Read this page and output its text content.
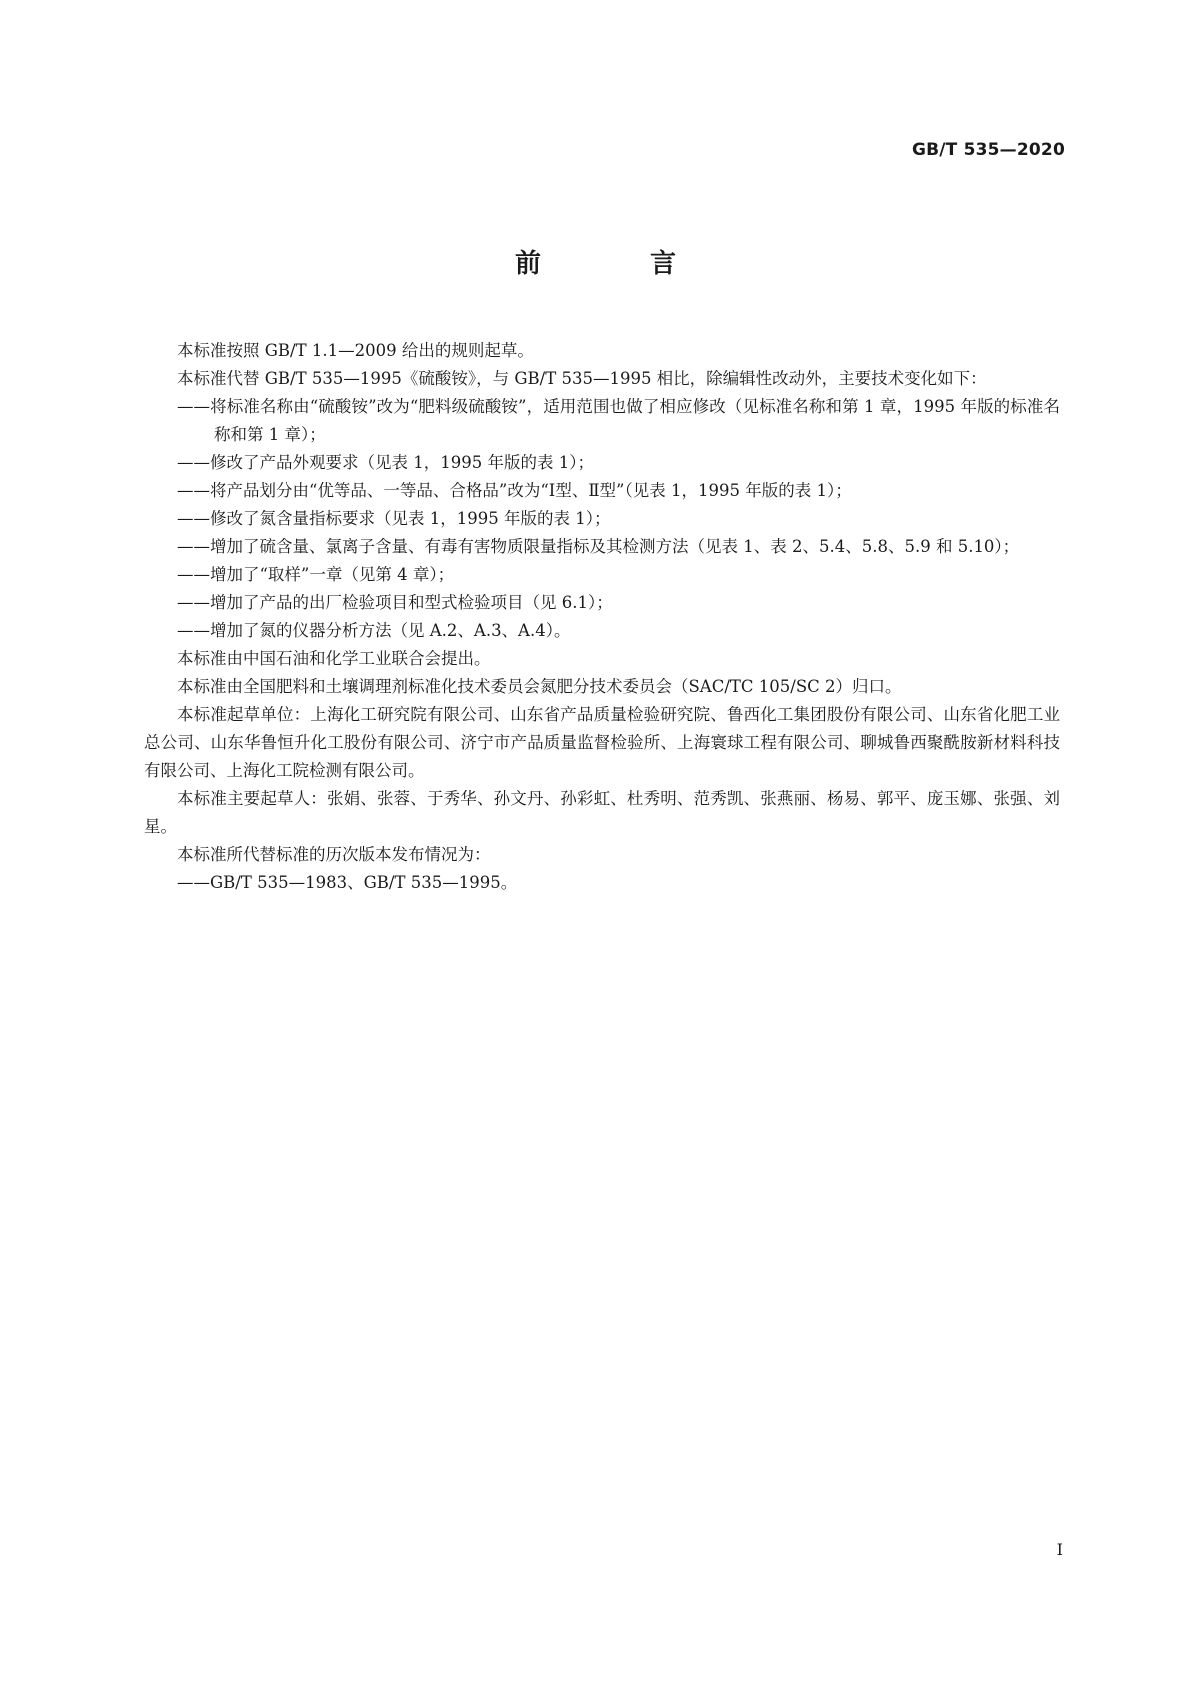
GB/T 535—2020
前 言

本标准按照 GB/T 1.1—2009 给出的规则起草。

本标准代替 GB/T 535—1995《硫酸铵》，与 GB/T 535—1995 相比，除编辑性改动外，主要技术变化如下：

——将标准名称由“硫酸铵”改为“肥料级硫酸铵”，适用范围也做了相应修改（见标准名称和第 1 章，1995 年版的标准名称和第 1 章）；

——修改了产品外观要求（见表 1，1995 年版的表 1）；

——将产品划分由“优等品、一等品、合格品”改为“Ⅰ型、Ⅱ型”（见表 1，1995 年版的表 1）；

——修改了氮含量指标要求（见表 1，1995 年版的表 1）；

——增加了硫含量、氯离子含量、有毒有害物质限量指标及其检测方法（见表 1、表 2、5.4、5.8、5.9 和 5.10）；

——增加了“取样”一章（见第 4 章）；

——增加了产品的出厂检验项目和型式检验项目（见 6.1）；

——增加了氮的仪器分析方法（见 A.2、A.3、A.4）。

本标准由中国石油和化学工业联合会提出。

本标准由全国肥料和土壤调理剂标准化技术委员会氮肥分技术委员会（SAC/TC 105/SC 2）归口。

本标准起草单位：上海化工研究院有限公司、山东省产品质量检验研究院、鲁西化工集团股份有限公司、山东省化肥工业总公司、山东华鲁恒升化工股份有限公司、济宁市产品质量监督检验所、上海寰球工程有限公司、聊城鲁西聚酰胺新材料科技有限公司、上海化工院检测有限公司。

本标准主要起草人：张娟、张蓉、于秀华、孙文丹、孙彩虹、杜秀明、范秀凯、张燕丽、杨易、郭平、庞玉娜、张强、刘星。

本标准所代替标准的历次版本发布情况为：

——GB/T 535—1983、GB/T 535—1995。

I
